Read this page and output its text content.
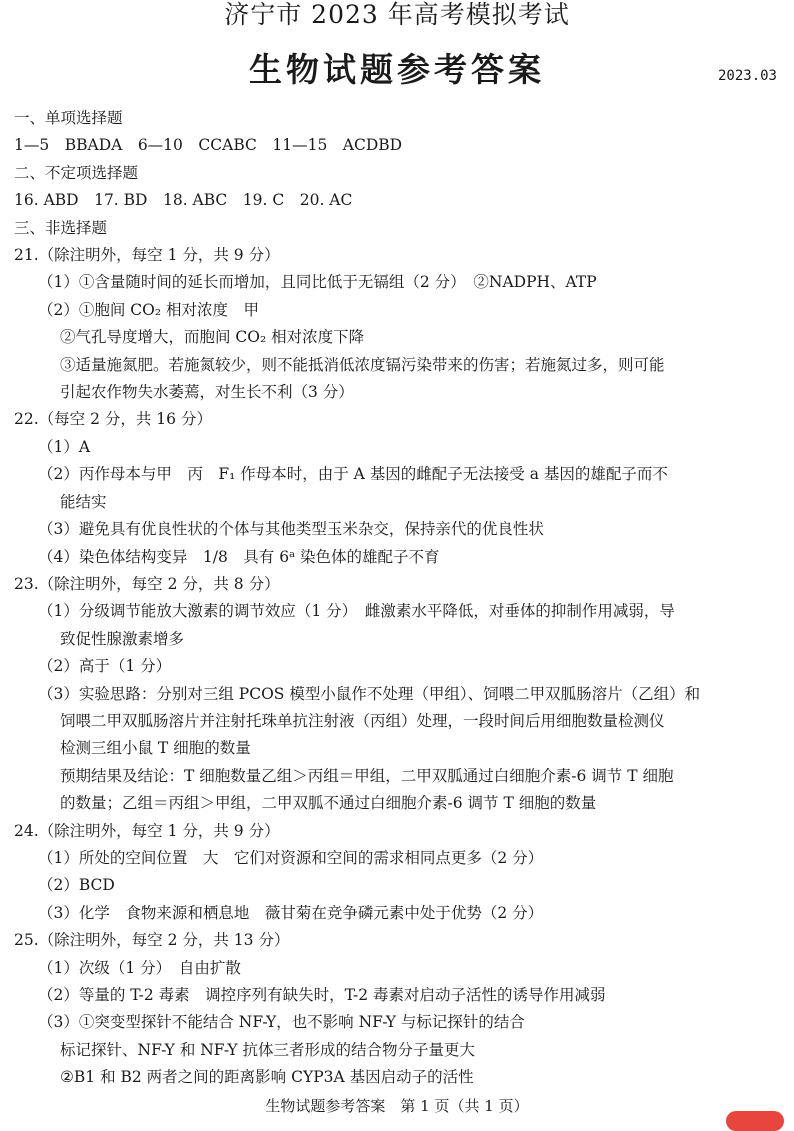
济宁市 2023 年高考模拟考试
生物试题参考答案	2023.03
一、单项选择题
1—5　BBADA　6—10　CCABC　11—15　ACDBD
二、不定项选择题
16. ABD　17. BD　18. ABC　19. C　20. AC
三、非选择题
21.（除注明外，每空 1 分，共 9 分）
（1）①含量随时间的延长而增加，且同比低于无镉组（2 分）　②NADPH、ATP
（2）①胞间 CO₂ 相对浓度　甲
②气孔导度增大，而胞间 CO₂ 相对浓度下降
③适量施氮肥。若施氮较少，则不能抵消低浓度镉污染带来的伤害；若施氮过多，则可能
引起农作物失水萎蔫，对生长不利（3 分）
22.（每空 2 分，共 16 分）
（1）A
（2）丙作母本与甲　丙　F₁ 作母本时，由于 A 基因的雌配子无法接受 a 基因的雄配子而不
能结实
（3）避免具有优良性状的个体与其他类型玉米杂交，保持亲代的优良性状
（4）染色体结构变异　1/8　具有 6ᵃ 染色体的雄配子不育
23.（除注明外，每空 2 分，共 8 分）
（1）分级调节能放大激素的调节效应（1 分）　雌激素水平降低，对垂体的抑制作用减弱，导
致促性腺激素增多
（2）高于（1 分）
（3）实验思路：分别对三组 PCOS 模型小鼠作不处理（甲组）、饲喂二甲双胍肠溶片（乙组）和
饲喂二甲双胍肠溶片并注射托珠单抗注射液（丙组）处理，一段时间后用细胞数量检测仪
检测三组小鼠 T 细胞的数量
预期结果及结论：T 细胞数量乙组＞丙组＝甲组，二甲双胍通过白细胞介素-6 调节 T 细胞
的数量；乙组＝丙组＞甲组，二甲双胍不通过白细胞介素-6 调节 T 细胞的数量
24.（除注明外，每空 1 分，共 9 分）
（1）所处的空间位置　大　它们对资源和空间的需求相同点更多（2 分）
（2）BCD
（3）化学　食物来源和栖息地　薇甘菊在竞争磷元素中处于优势（2 分）
25.（除注明外，每空 2 分，共 13 分）
（1）次级（1 分）　自由扩散
（2）等量的 T-2 毒素　调控序列有缺失时，T-2 毒素对启动子活性的诱导作用减弱
（3）①突变型探针不能结合 NF-Y，也不影响 NF-Y 与标记探针的结合
标记探针、NF-Y 和 NF-Y 抗体三者形成的结合物分子量更大
②B1 和 B2 两者之间的距离影响 CYP3A 基因启动子的活性
生物试题参考答案　第 1 页（共 1 页）
